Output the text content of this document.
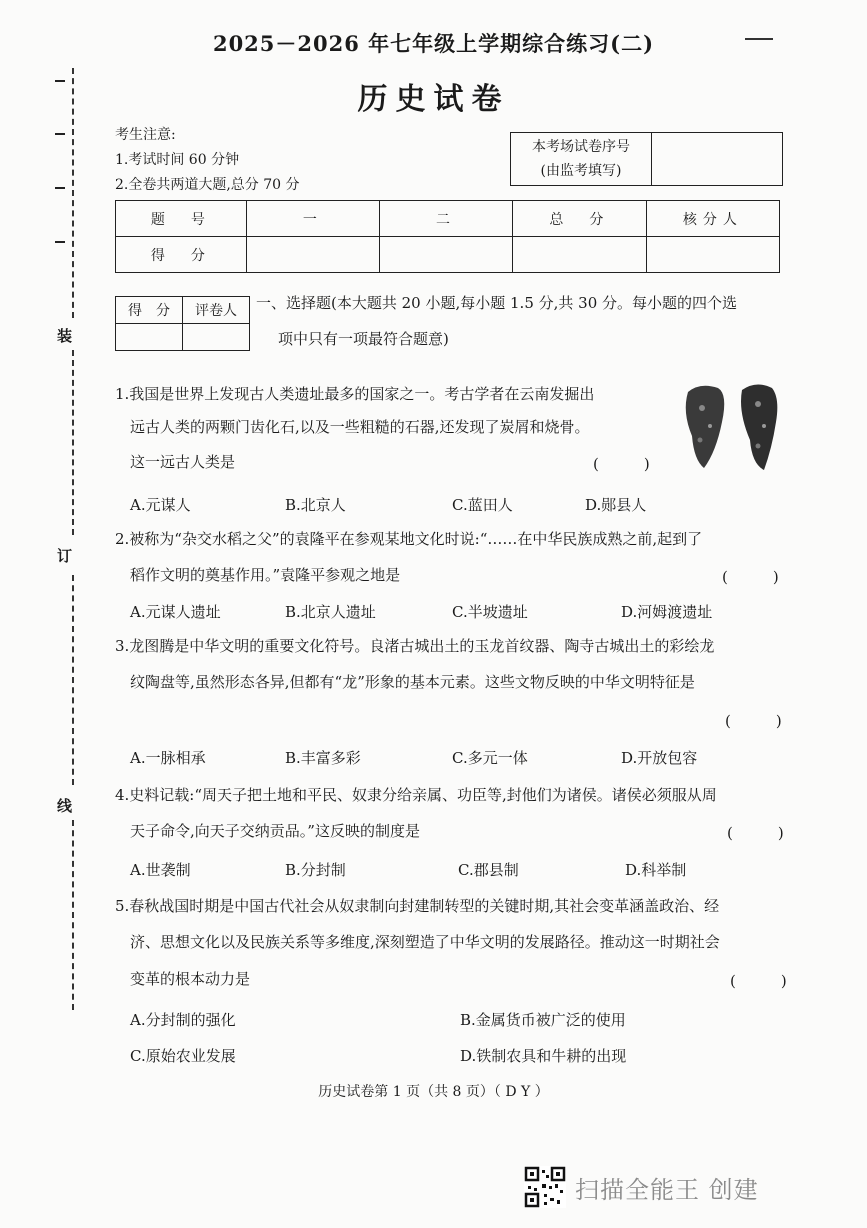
2025－2026 年七年级上学期综合练习(二)
历史试卷
装
订
线
考生注意:
1.考试时间 60 分钟
2.全卷共两道大题,总分 70 分
本考场试卷序号
(由监考填写)

题　号	一	二	总　分	核分人
得　分				
得　分	评卷人
	一、选择题(本大题共 20 小题,每小题 1.5 分,共 30 分。每小题的四个选
项中只有一项最符合题意)
1.我国是世界上发现古人类遗址最多的国家之一。考古学者在云南发掘出
远古人类的两颗门齿化石,以及一些粗糙的石器,还发现了炭屑和烧骨。
这一远古人类是	(　　　)
A.元谋人	B.北京人	C.蓝田人	D.郧县人
2.被称为“杂交水稻之父”的袁隆平在参观某地文化时说:“……在中华民族成熟之前,起到了
稻作文明的奠基作用。”袁隆平参观之地是	(　　　)
A.元谋人遗址	B.北京人遗址	C.半坡遗址	D.河姆渡遗址
3.龙图腾是中华文明的重要文化符号。良渚古城出土的玉龙首纹器、陶寺古城出土的彩绘龙
纹陶盘等,虽然形态各异,但都有“龙”形象的基本元素。这些文物反映的中华文明特征是
(　　　)
A.一脉相承	B.丰富多彩	C.多元一体	D.开放包容
4.史料记载:“周天子把土地和平民、奴隶分给亲属、功臣等,封他们为诸侯。诸侯必须服从周
天子命令,向天子交纳贡品。”这反映的制度是	(　　　)
A.世袭制	B.分封制	C.郡县制	D.科举制
5.春秋战国时期是中国古代社会从奴隶制向封建制转型的关键时期,其社会变革涵盖政治、经
济、思想文化以及民族关系等多维度,深刻塑造了中华文明的发展路径。推动这一时期社会
变革的根本动力是	(　　　)
A.分封制的强化	B.金属货币被广泛的使用
C.原始农业发展	D.铁制农具和牛耕的出现
历史试卷第 1 页（共 8 页）（ D Y ）
扫描全能王 创建
